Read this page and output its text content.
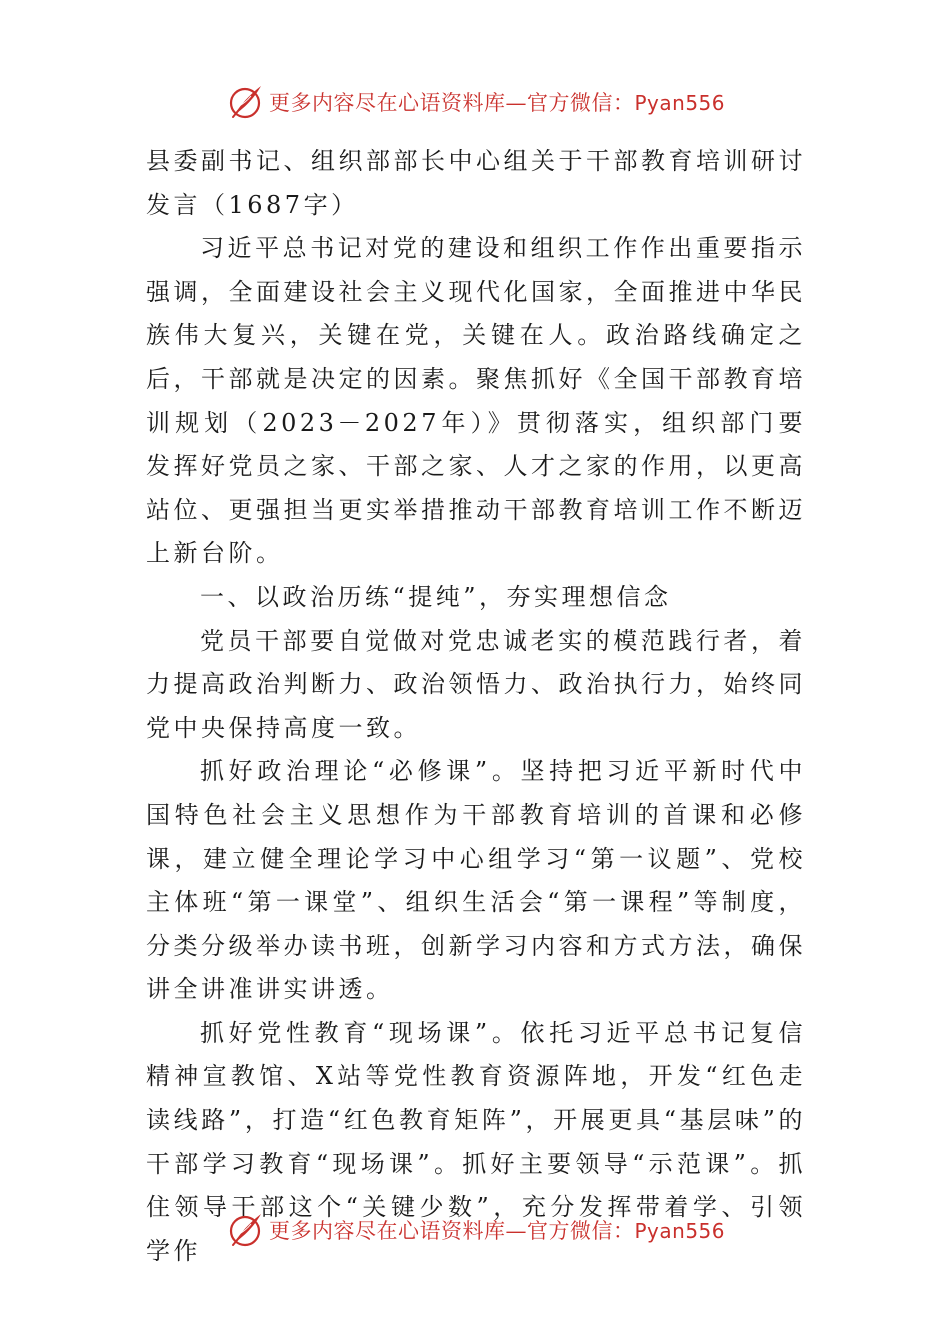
更多内容尽在心语资料库—官方微信：Pyan556

县委副书记、组织部部长中心组关于干部教育培训研讨发言（1687字）

习近平总书记对党的建设和组织工作作出重要指示强调，全面建设社会主义现代化国家，全面推进中华民族伟大复兴，关键在党，关键在人。政治路线确定之后，干部就是决定的因素。聚焦抓好《全国干部教育培训规划（2023－2027年）》贯彻落实，组织部门要发挥好党员之家、干部之家、人才之家的作用，以更高站位、更强担当更实举措推动干部教育培训工作不断迈上新台阶。

一、以政治历练“提纯”，夯实理想信念

党员干部要自觉做对党忠诚老实的模范践行者，着力提高政治判断力、政治领悟力、政治执行力，始终同党中央保持高度一致。

抓好政治理论“必修课”。坚持把习近平新时代中国特色社会主义思想作为干部教育培训的首课和必修课，建立健全理论学习中心组学习“第一议题”、党校主体班“第一课堂”、组织生活会“第一课程”等制度，分类分级举办读书班，创新学习内容和方式方法，确保讲全讲准讲实讲透。

抓好党性教育“现场课”。依托习近平总书记复信精神宣教馆、X站等党性教育资源阵地，开发“红色走读线路”，打造“红色教育矩阵”，开展更具“基层味”的干部学习教育“现场课”。抓好主要领导“示范课”。抓住领导干部这个“关键少数”，充分发挥带着学、引领学作

更多内容尽在心语资料库—官方微信：Pyan556
